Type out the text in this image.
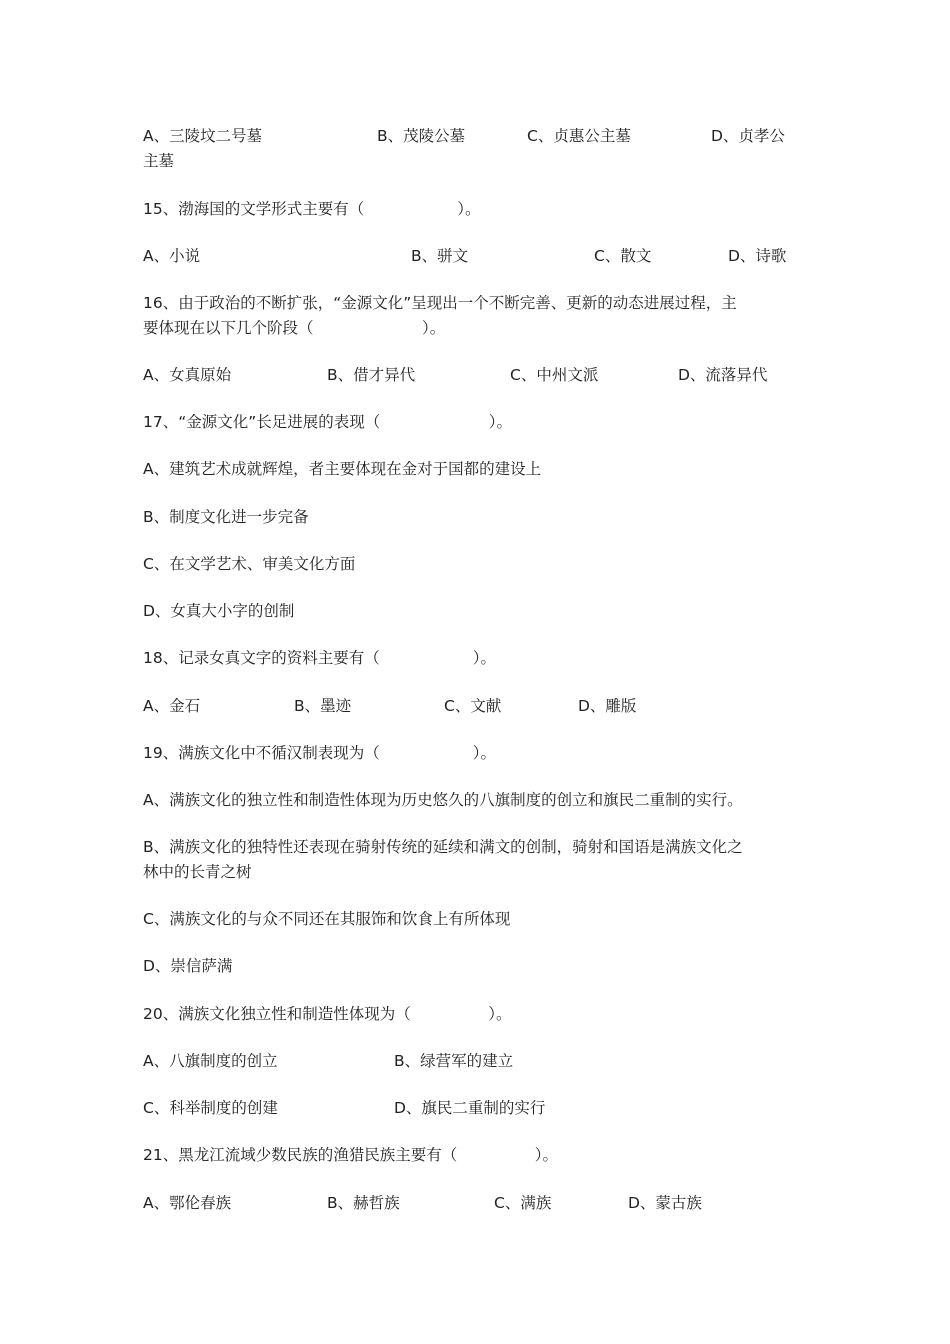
A、三陵坟二号墓	B、茂陵公墓	C、贞惠公主墓	D、贞孝公
主墓
15、渤海国的文学形式主要有（　　　　　　）。
A、小说	B、骈文	C、散文	D、诗歌
16、由于政治的不断扩张，“金源文化”呈现出一个不断完善、更新的动态进展过程，主
要体现在以下几个阶段（　　　　　　　）。
A、女真原始	B、借才异代	C、中州文派	D、流落异代
17、“金源文化”长足进展的表现（　　　　　　　）。
A、建筑艺术成就辉煌，者主要体现在金对于国都的建设上
B、制度文化进一步完备
C、在文学艺术、审美文化方面
D、女真大小字的创制
18、记录女真文字的资料主要有（　　　　　　）。
A、金石	B、墨迹	C、文献	D、雕版
19、满族文化中不循汉制表现为（　　　　　　）。
A、满族文化的独立性和制造性体现为历史悠久的八旗制度的创立和旗民二重制的实行。
B、满族文化的独特性还表现在骑射传统的延续和满文的创制，骑射和国语是满族文化之
林中的长青之树
C、满族文化的与众不同还在其服饰和饮食上有所体现
D、崇信萨满
20、满族文化独立性和制造性体现为（　　　　　）。
A、八旗制度的创立	B、绿营军的建立
C、科举制度的创建	D、旗民二重制的实行
21、黑龙江流域少数民族的渔猎民族主要有（　　　　　）。
A、鄂伦春族	B、赫哲族	C、满族	D、蒙古族
